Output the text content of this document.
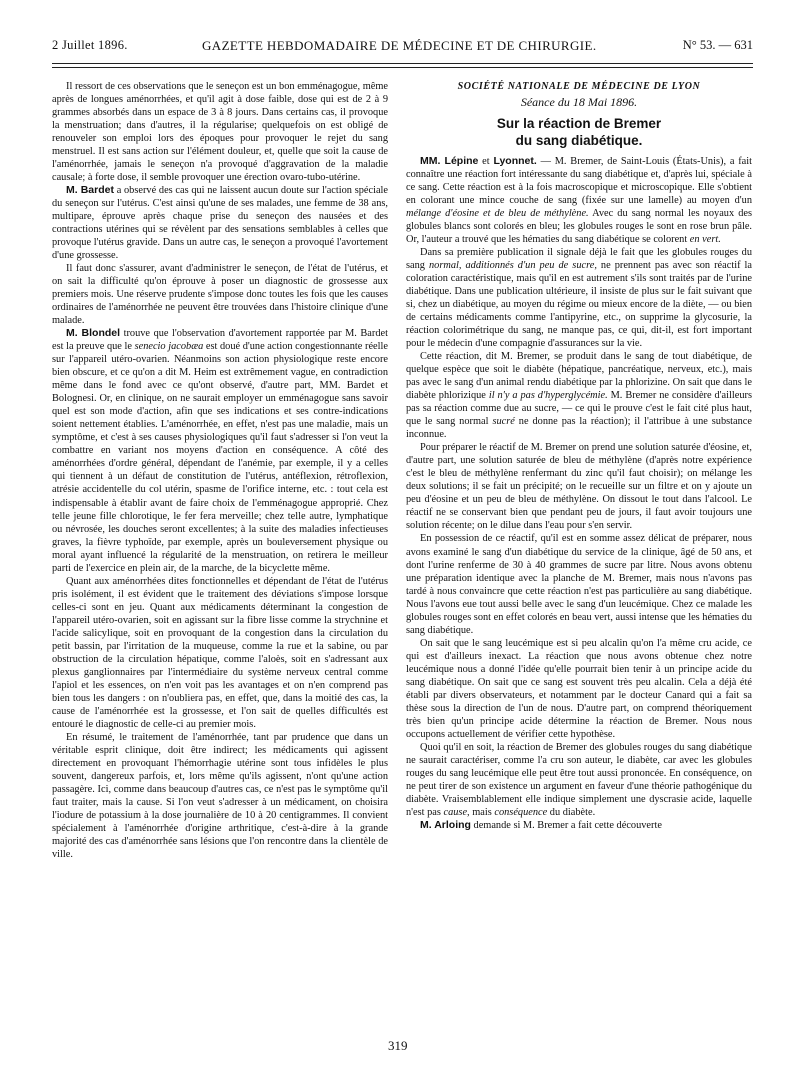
2 Juillet 1896.	GAZETTE HEBDOMADAIRE DE MÉDECINE ET DE CHIRURGIE.	N° 53. — 631

Il ressort de ces observations que le seneçon est un bon emménagogue, même après de longues aménorrhées, et qu'il agit à dose faible, dose qui est de 2 à 9 grammes absorbés dans un espace de 3 à 8 jours. Dans certains cas, il provoque la menstruation; dans d'autres, il la régularise; quelquefois on est obligé de renouveler son emploi lors des époques pour provoquer le rejet du sang menstruel. Il est sans action sur l'élément douleur, et, quelle que soit la cause de l'aménorrhée, jamais le seneçon n'a provoqué d'aggravation de la maladie causale; à forte dose, il semble provoquer une érection ovaro-tubo-utérine.

M. Bardet a observé des cas qui ne laissent aucun doute sur l'action spéciale du seneçon sur l'utérus. C'est ainsi qu'une de ses malades, une femme de 38 ans, multipare, éprouve après chaque prise du seneçon des nausées et des contractions utérines qui se révèlent par des sensations semblables à celles que provoque l'utérus gravide. Dans un autre cas, le seneçon a provoqué l'avortement d'une grossesse.

Il faut donc s'assurer, avant d'administrer le seneçon, de l'état de l'utérus, et on sait la difficulté qu'on éprouve à poser un diagnostic de grossesse aux premiers mois. Une réserve prudente s'impose donc toutes les fois que les causes ordinaires de l'aménorrhée ne peuvent être trouvées dans l'histoire clinique d'une malade.

M. Blondel trouve que l'observation d'avortement rapportée par M. Bardet est la preuve que le senecio jacobæa est doué d'une action congestionnante réelle sur l'appareil utéro-ovarien. Néanmoins son action physiologique reste encore bien obscure, et ce qu'on a dit M. Heim est extrêmement vague, en contradiction même dans le fond avec ce qu'ont observé, d'autre part, MM. Bardet et Bolognesi. Or, en clinique, on ne saurait employer un emménagogue sans savoir quel est son mode d'action, afin que ses indications et ses contre-indications soient nettement établies. L'aménorrhée, en effet, n'est pas une maladie, mais un symptôme, et c'est à ses causes physiologiques qu'il faut s'adresser si l'on veut la combattre en variant nos moyens d'action en conséquence. A côté des aménorrhées d'ordre général, dépendant de l'anémie, par exemple, il y a celles qui tiennent à un défaut de constitution de l'utérus, antéflexion, rétroflexion, atrésie accidentelle du col utérin, spasme de l'orifice interne, etc. : tout cela est indispensable à établir avant de faire choix de l'emménagogue approprié. Chez telle jeune fille chlorotique, le fer fera merveille; chez telle autre, lymphatique ou névrosée, les douches seront excellentes; à la suite des maladies infectieuses graves, la fièvre typhoïde, par exemple, après un bouleversement physique ou moral ayant influencé la régularité de la menstruation, on retirera le meilleur parti de l'exercice en plein air, de la marche, de la bicyclette même.

Quant aux aménorrhées dites fonctionnelles et dépendant de l'état de l'utérus pris isolément, il est évident que le traitement des déviations s'impose lorsque celles-ci sont en jeu. Quant aux médicaments déterminant la congestion de l'appareil utéro-ovarien, soit en agissant sur la fibre lisse comme la strychnine et l'acide salicylique, soit en provoquant de la congestion dans la circulation du petit bassin, par l'irritation de la muqueuse, comme la rue et la sabine, ou par obstruction de la circulation hépatique, comme l'aloès, soit en s'adressant aux plexus ganglionnaires par l'intermédiaire du système nerveux central comme l'apiol et les essences, on n'en voit pas les avantages et on n'en comprend pas bien tous les dangers : on n'oubliera pas, en effet, que, dans la moitié des cas, la cause de l'aménorrhée est la grossesse, et l'on sait de quelles difficultés est entouré le diagnostic de celle-ci au premier mois.

En résumé, le traitement de l'aménorrhée, tant par prudence que dans un véritable esprit clinique, doit être indirect; les médicaments qui agissent directement en provoquant l'hémorrhagie utérine sont tous infidèles le plus souvent, dangereux parfois, et, lors même qu'ils agissent, n'ont qu'une action passagère. Ici, comme dans beaucoup d'autres cas, ce n'est pas le symptôme qu'il faut traiter, mais la cause. Si l'on veut s'adresser à un médicament, on choisira l'iodure de potassium à la dose journalière de 10 à 20 centigrammes. Il convient spécialement à l'aménorrhée d'origine arthritique, c'est-à-dire à la grande majorité des cas d'aménorrhée sans lésions que l'on rencontre dans la clientèle de ville.

SOCIÉTÉ NATIONALE DE MÉDECINE DE LYON
Séance du 18 Mai 1896.
Sur la réaction de Bremer
du sang diabétique.

MM. Lépine et Lyonnet. — M. Bremer, de Saint-Louis (États-Unis), a fait connaître une réaction fort intéressante du sang diabétique et, d'après lui, spéciale à ce sang. Cette réaction est à la fois macroscopique et microscopique. Elle s'obtient en colorant une mince couche de sang (fixée sur une lamelle) au moyen d'un mélange d'éosine et de bleu de méthylène. Avec du sang normal les noyaux des globules blancs sont colorés en bleu; les globules rouges le sont en rose brun pâle. Or, l'auteur a trouvé que les hématies du sang diabétique se colorent en vert.

Dans sa première publication il signale déjà le fait que les globules rouges du sang normal, additionnés d'un peu de sucre, ne prennent pas avec son réactif la coloration caractéristique, mais qu'il en est autrement s'ils sont traités par de l'urine diabétique. Dans une publication ultérieure, il insiste de plus sur le fait suivant que si, chez un diabétique, au moyen du régime ou mieux encore de la diète, — ou bien de certains médicaments comme l'antipyrine, etc., on supprime la glycosurie, la réaction colorimétrique du sang, ne manque pas, ce qui, dit-il, est fort important pour le médecin d'une compagnie d'assurances sur la vie.

Cette réaction, dit M. Bremer, se produit dans le sang de tout diabétique, de quelque espèce que soit le diabète (hépatique, pancréatique, nerveux, etc.), mais pas avec le sang d'un animal rendu diabétique par la phlorizine. On sait que dans le diabète phlorizique il n'y a pas d'hyperglycémie. M. Bremer ne considère d'ailleurs pas sa réaction comme due au sucre, — ce qui le prouve c'est le fait cité plus haut, que le sang normal sucré ne donne pas la réaction); il l'attribue à une substance inconnue.

Pour préparer le réactif de M. Bremer on prend une solution saturée d'éosine, et, d'autre part, une solution saturée de bleu de méthylène (d'après notre expérience c'est le bleu de méthylène renfermant du zinc qu'il faut choisir); on mélange les deux solutions; il se fait un précipité; on le recueille sur un filtre et on y ajoute un peu d'éosine et un peu de bleu de méthylène. On dissout le tout dans l'alcool. Le réactif ne se conservant bien que pendant peu de jours, il faut avoir toujours une solution récente; on le dilue dans l'eau pour s'en servir.

En possession de ce réactif, qu'il est en somme assez délicat de préparer, nous avons examiné le sang d'un diabétique du service de la clinique, âgé de 50 ans, et dont l'urine renferme de 30 à 40 grammes de sucre par litre. Nous avons obtenu une préparation identique avec la planche de M. Bremer, mais nous n'avons pas tardé à nous convaincre que cette réaction n'est pas particulière au sang diabétique. Nous l'avons eue tout aussi belle avec le sang d'un leucémique. Chez ce malade les globules rouges sont en effet colorés en beau vert, aussi intense que les hématies du sang diabétique.

On sait que le sang leucémique est si peu alcalin qu'on l'a même cru acide, ce qui est d'ailleurs inexact. La réaction que nous avons obtenue chez notre leucémique nous a donné l'idée qu'elle pourrait bien tenir à un principe acide du sang diabétique. On sait que ce sang est souvent très peu alcalin. Cela a déjà été établi par divers observateurs, et notamment par le docteur Canard qui a fait sa thèse sous la direction de l'un de nous. D'autre part, on comprend théoriquement très bien qu'un principe acide détermine la réaction de Bremer. Nous nous occupons actuellement de vérifier cette hypothèse.

Quoi qu'il en soit, la réaction de Bremer des globules rouges du sang diabétique ne saurait caractériser, comme l'a cru son auteur, le diabète, car avec les globules rouges du sang leucémique elle peut être tout aussi prononcée. En conséquence, on ne peut tirer de son existence un argument en faveur d'une théorie pathogénique du diabète. Vraisemblablement elle indique simplement une dyscrasie acide, laquelle n'est pas cause, mais conséquence du diabète.

M. Arloing demande si M. Bremer a fait cette découverte

319
